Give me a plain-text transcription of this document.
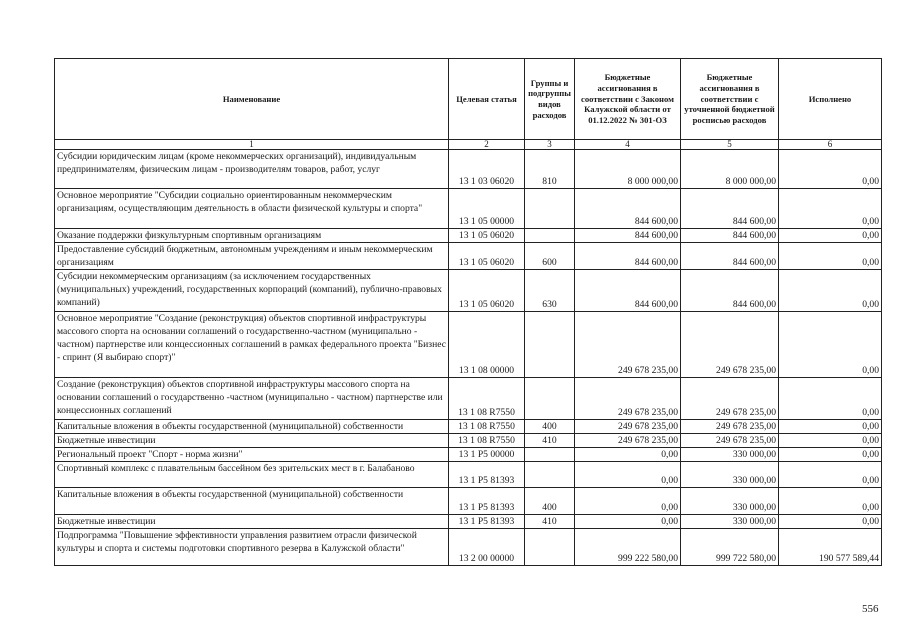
Наименование	Целевая статья	Группы и подгруппы видов расходов	Бюджетные ассигнования в соответствии с Законом Калужской области от 01.12.2022 № 301-ОЗ	Бюджетные ассигнования в соответствии с уточненной бюджетной росписью расходов	Исполнено
1	2	3	4	5	6
Субсидии юридическим лицам (кроме некоммерческих организаций), индивидуальным предпринимателям, физическим лицам - производителям товаров, работ, услуг	13 1 03 06020	810	8 000 000,00	8 000 000,00	0,00
Основное мероприятие "Субсидии социально ориентированным некоммерческим организациям, осуществляющим деятельность в области физической культуры и спорта"	13 1 05 00000		844 600,00	844 600,00	0,00
Оказание поддержки физкультурным спортивным организациям	13 1 05 06020		844 600,00	844 600,00	0,00
Предоставление субсидий бюджетным, автономным учреждениям и иным некоммерческим организациям	13 1 05 06020	600	844 600,00	844 600,00	0,00
Субсидии некоммерческим организациям (за исключением государственных (муниципальных) учреждений, государственных корпораций (компаний), публично-правовых компаний)	13 1 05 06020	630	844 600,00	844 600,00	0,00
Основное мероприятие "Создание (реконструкция) объектов спортивной инфраструктуры массового спорта на основании соглашений о государственно-частном (муниципально - частном) партнерстве или концессионных соглашений в рамках федерального проекта "Бизнес - спринт (Я выбираю спорт)"	13 1 08 00000		249 678 235,00	249 678 235,00	0,00
Создание (реконструкция) объектов спортивной инфраструктуры массового спорта на основании соглашений о государственно -частном (муниципально - частном) партнерстве или концессионных соглашений	13 1 08 R7550		249 678 235,00	249 678 235,00	0,00
Капитальные вложения в объекты государственной (муниципальной) собственности	13 1 08 R7550	400	249 678 235,00	249 678 235,00	0,00
Бюджетные инвестиции	13 1 08 R7550	410	249 678 235,00	249 678 235,00	0,00
Региональный проект "Спорт - норма жизни"	13 1 P5 00000		0,00	330 000,00	0,00
Спортивный комплекс с плавательным бассейном без зрительских мест в г. Балабаново	13 1 P5 81393		0,00	330 000,00	0,00
Капитальные вложения в объекты государственной (муниципальной) собственности	13 1 P5 81393	400	0,00	330 000,00	0,00
Бюджетные инвестиции	13 1 P5 81393	410	0,00	330 000,00	0,00
Подпрограмма "Повышение эффективности управления развитием отрасли физической культуры и спорта и системы подготовки спортивного резерва в Калужской области"	13 2 00 00000		999 222 580,00	999 722 580,00	190 577 589,44
556
